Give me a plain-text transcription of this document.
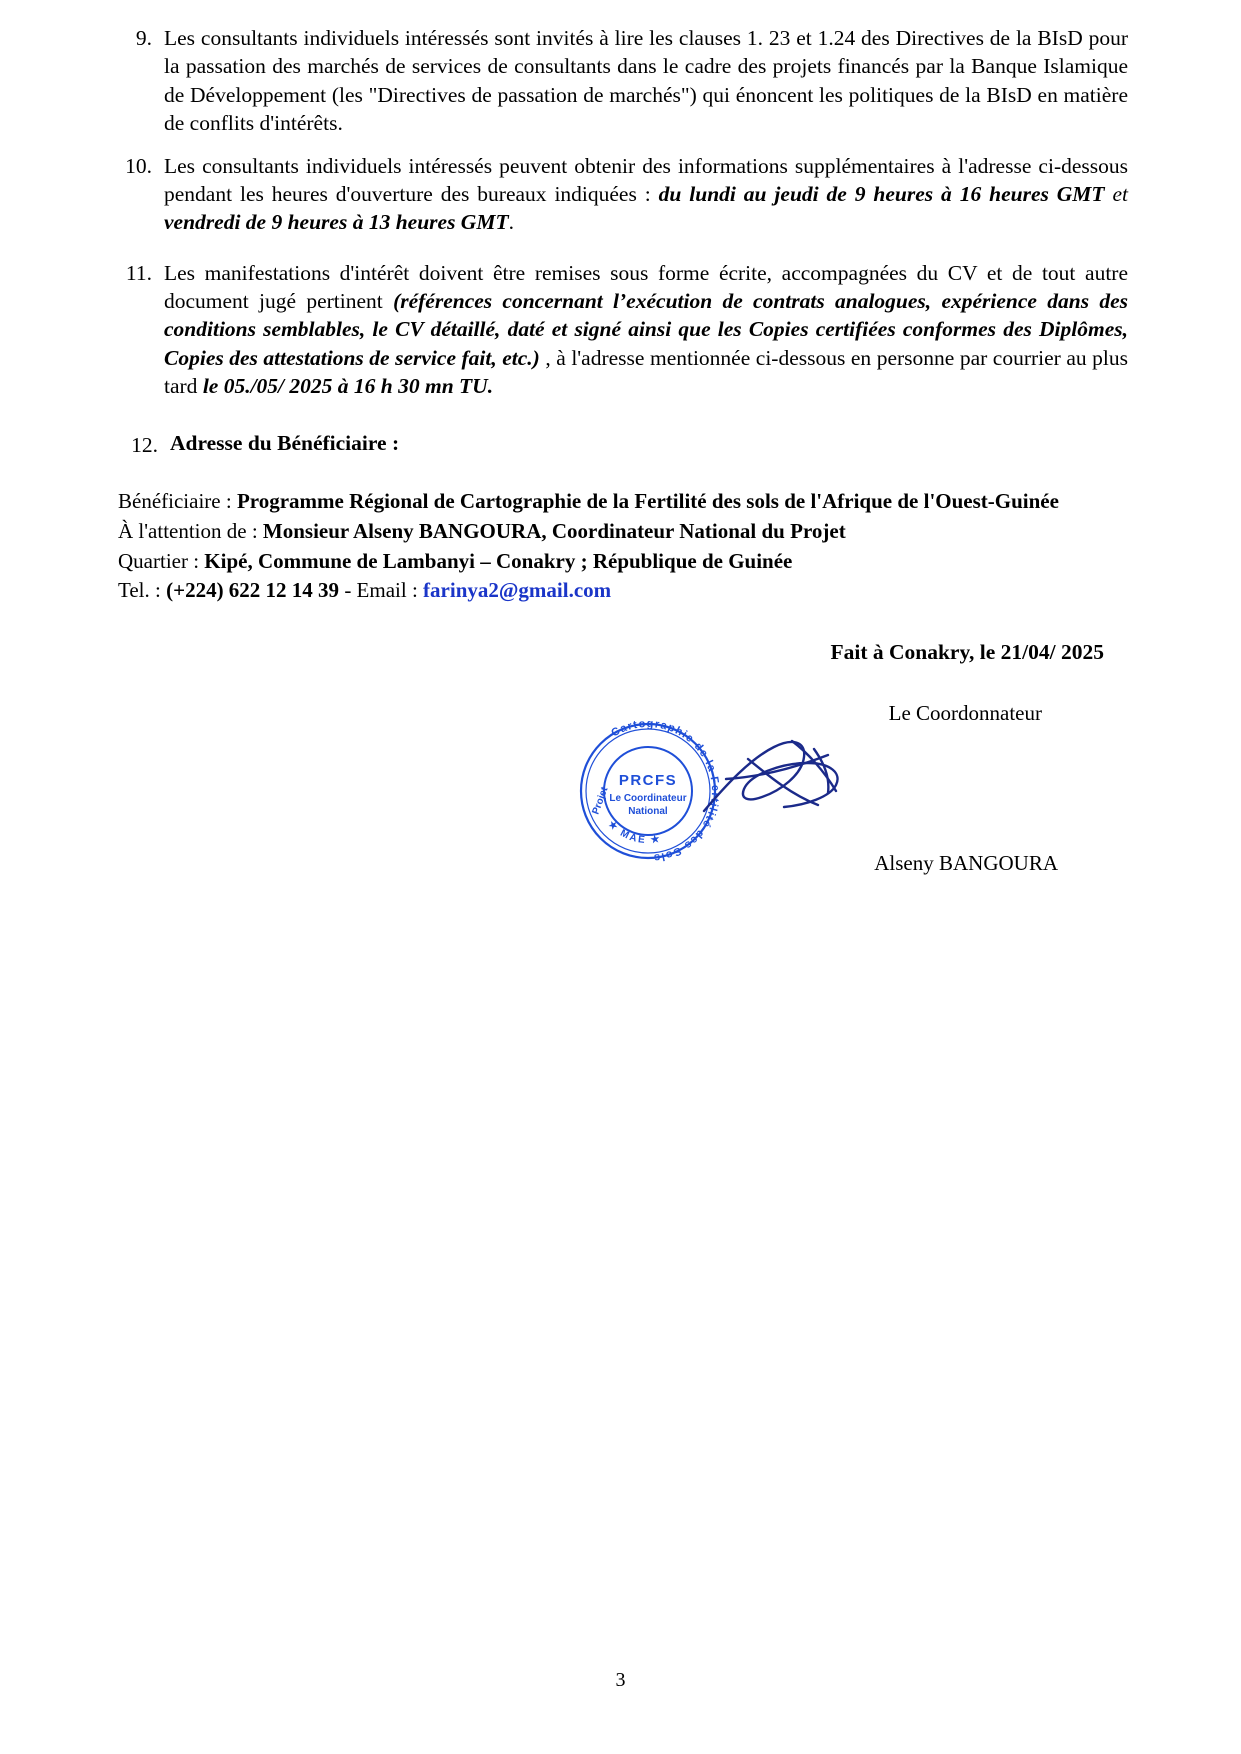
9. Les consultants individuels intéressés sont invités à lire les clauses 1. 23 et 1.24 des Directives de la BIsD pour la passation des marchés de services de consultants dans le cadre des projets financés par la Banque Islamique de Développement (les "Directives de passation de marchés") qui énoncent les politiques de la BIsD en matière de conflits d'intérêts.
10. Les consultants individuels intéressés peuvent obtenir des informations supplémentaires à l'adresse ci-dessous pendant les heures d'ouverture des bureaux indiquées : du lundi au jeudi de 9 heures à 16 heures GMT et vendredi de 9 heures à 13 heures GMT.
11. Les manifestations d'intérêt doivent être remises sous forme écrite, accompagnées du CV et de tout autre document jugé pertinent (références concernant l’exécution de contrats analogues, expérience dans des conditions semblables, le CV détaillé, daté et signé ainsi que les Copies certifiées conformes des Diplômes, Copies des attestations de service fait, etc.) , à l'adresse mentionnée ci-dessous en personne par courrier au plus tard le 05./05/ 2025 à 16 h 30 mn TU.
12. Adresse du Bénéficiaire :
Bénéficiaire : Programme Régional de Cartographie de la Fertilité des sols de l'Afrique de l'Ouest-Guinée
À l'attention de : Monsieur Alseny BANGOURA, Coordinateur National du Projet
Quartier : Kipé, Commune de Lambanyi – Conakry ; République de Guinée
Tel. : (+224) 622 12 14 39 - Email : farinya2@gmail.com
Fait à Conakry, le 21/04/ 2025
Le Coordonnateur
Alseny BANGOURA
Cartographie de la Fertilité des Sols
★ MAE ★
PRCFS
Le Coordinateur
National
Projet
3
